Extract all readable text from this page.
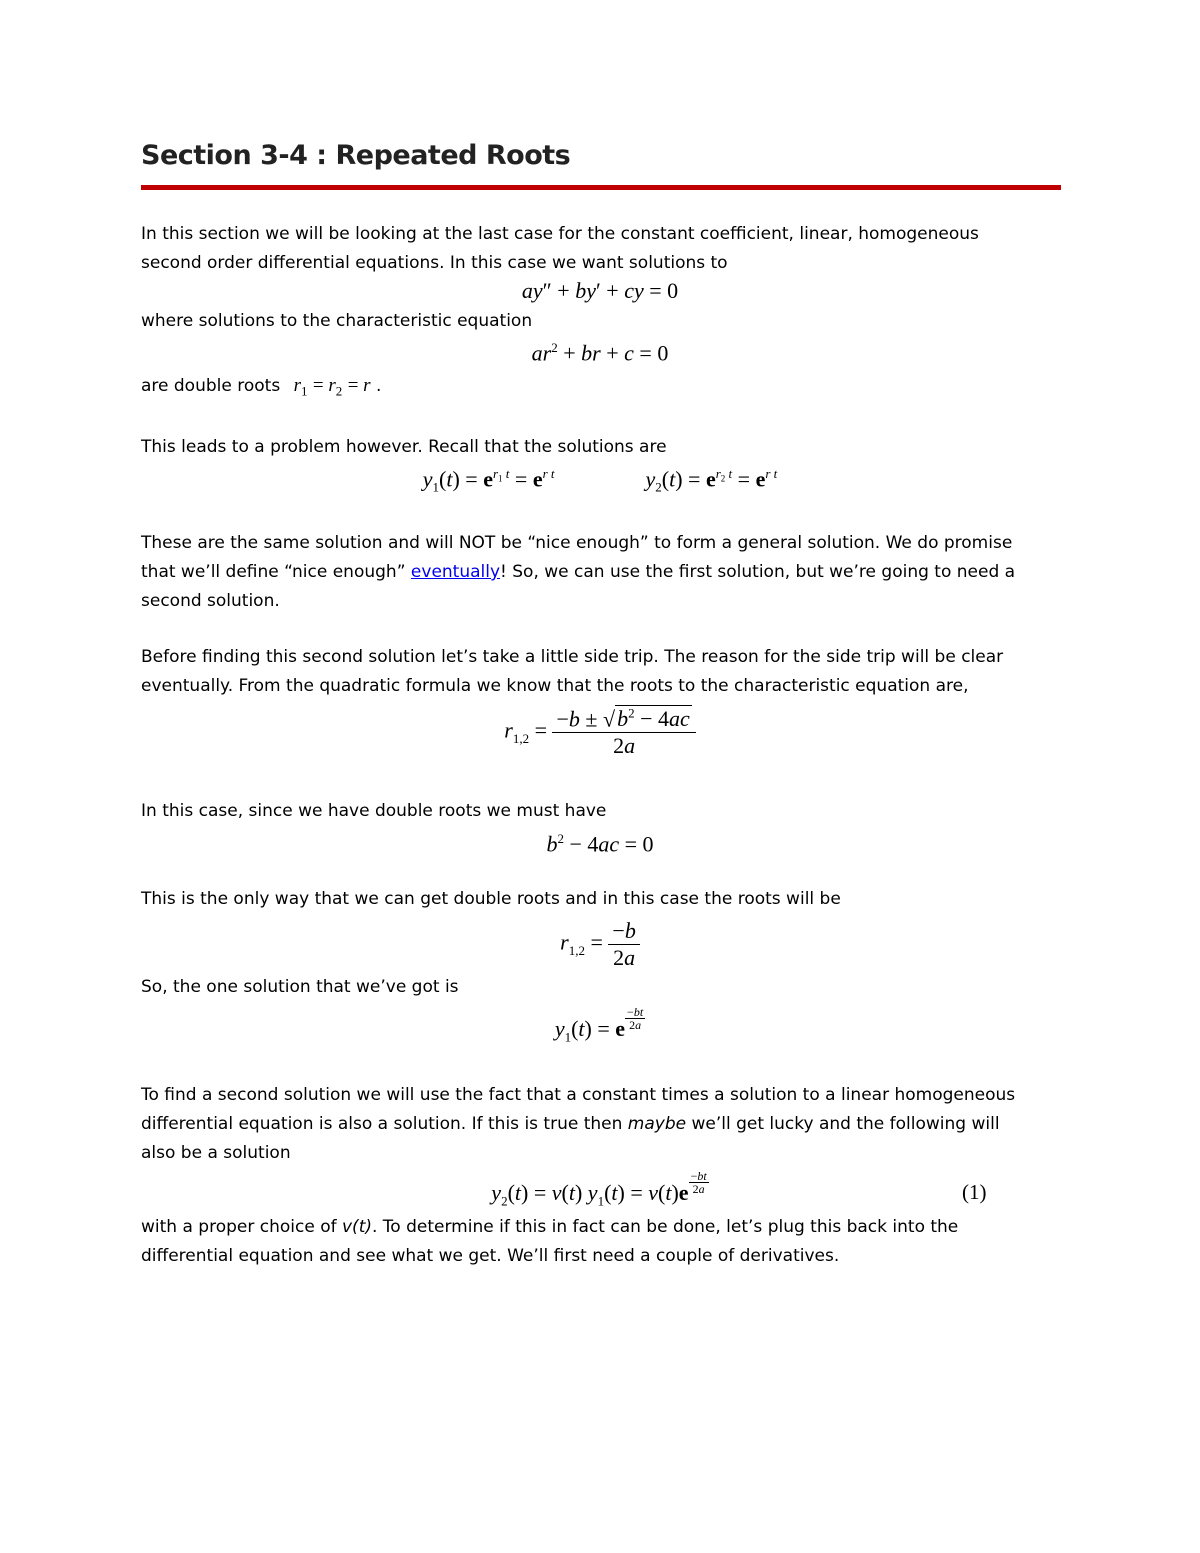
Section 3-4 : Repeated Roots
In this section we will be looking at the last case for the constant coefficient, linear, homogeneous
second order differential equations. In this case we want solutions to
ay″ + by′ + cy = 0
where solutions to the characteristic equation
$ar^2$ + br + c = 0
are double roots $r_1 = r_2 = r$ .
This leads to a problem however. Recall that the solutions are
$y_1(t) = e^{r_1 t} = e^{r t}$	$y_2(t) = e^{r_2 t} = e^{r t}$
These are the same solution and will NOT be “nice enough” to form a general solution. We do promise
that we’ll define “nice enough” eventually! So, we can use the first solution, but we’re going to need a
second solution.
Before finding this second solution let’s take a little side trip. The reason for the side trip will be clear
eventually. From the quadratic formula we know that the roots to the characteristic equation are,
$r_{1,2} = \frac{-b \pm √b^2 - 4ac}{2a}$
In this case, since we have double roots we must have
$b^2 - 4ac = 0$
This is the only way that we can get double roots and in this case the roots will be
$r_{1,2} = \frac{-b}{2a}$
So, the one solution that we’ve got is
$y_1(t) = e \frac{-bt}{2a}$
To find a second solution we will use the fact that a constant times a solution to a linear homogeneous
differential equation is also a solution. If this is true then maybe we’ll get lucky and the following will
also be a solution
$y_2(t) = v(t) y_1(t) = v(t)e \frac{-bt}{2a}$	(1)
with a proper choice of v(t). To determine if this in fact can be done, let’s plug this back into the
differential equation and see what we get. We’ll first need a couple of derivatives.
